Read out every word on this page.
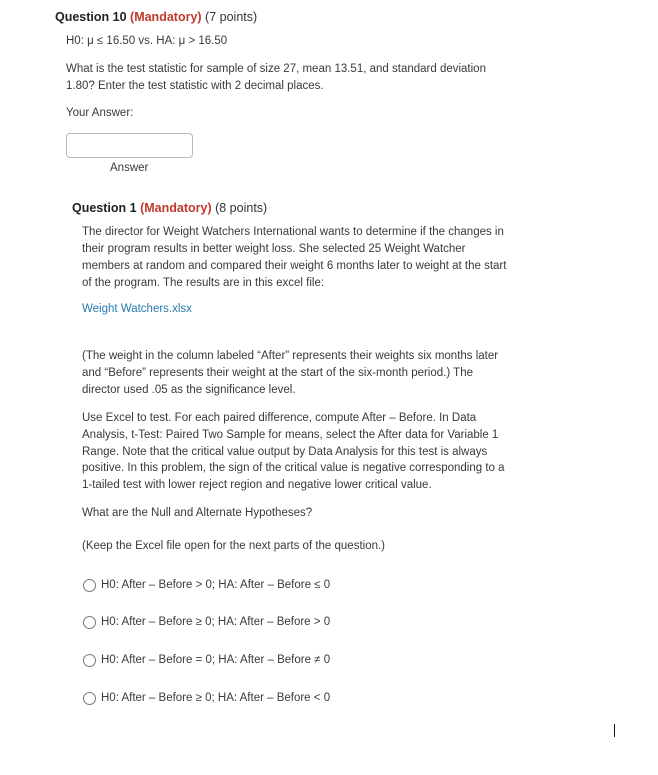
Question 10 (Mandatory) (7 points)
H0: μ ≤ 16.50 vs. HA: μ > 16.50
What is the test statistic for sample of size 27, mean 13.51, and standard deviation
1.80? Enter the test statistic with 2 decimal places.
Your Answer:
Answer
Question 1 (Mandatory) (8 points)
The director for Weight Watchers International wants to determine if the changes in
their program results in better weight loss. She selected 25 Weight Watcher
members at random and compared their weight 6 months later to weight at the start
of the program. The results are in this excel file:
Weight Watchers.xlsx
(The weight in the column labeled “After” represents their weights six months later
and “Before” represents their weight at the start of the six-month period.) The
director used .05 as the significance level.
Use Excel to test. For each paired difference, compute After – Before. In Data
Analysis, t-Test: Paired Two Sample for means, select the After data for Variable 1
Range. Note that the critical value output by Data Analysis for this test is always
positive. In this problem, the sign of the critical value is negative corresponding to a
1-tailed test with lower reject region and negative lower critical value.
What are the Null and Alternate Hypotheses?
(Keep the Excel file open for the next parts of the question.)
H0: After – Before > 0; HA: After – Before ≤ 0
H0: After – Before ≥ 0; HA: After – Before > 0
H0: After – Before = 0; HA: After – Before ≠ 0
H0: After – Before ≥ 0; HA: After – Before < 0
